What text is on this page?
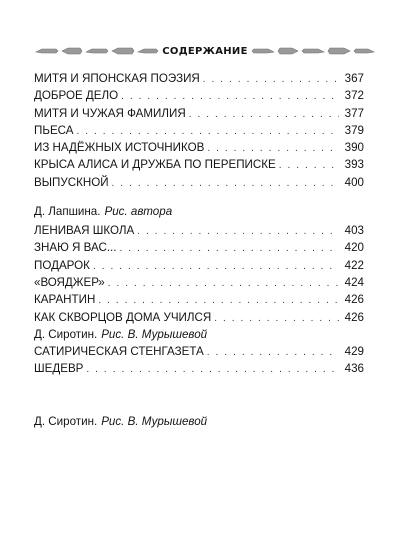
СОДЕРЖАНИЕ
МИТЯ И ЯПОНСКАЯ ПОЭЗИЯ . . .	367
ДОБРОЕ ДЕЛО . . .	372
МИТЯ И ЧУЖАЯ ФАМИЛИЯ . . .	377
ПЬЕСА . . .	379
ИЗ НАДЁЖНЫХ ИСТОЧНИКОВ . . .	390
КРЫСА АЛИСА И ДРУЖБА ПО ПЕРЕПИСКЕ . . .	393
ВЫПУСКНОЙ . . .	400
Д. Лапшина. Рис. автора
ЛЕНИВАЯ ШКОЛА . . .	403
ЗНАЮ Я ВАС... . . .	420
ПОДАРОК . . .	422
«ВОЯДЖЕР» . . .	424
КАРАНТИН . . .	426
КАК СКВОРЦОВ ДОМА УЧИЛСЯ . . .	426
Д. Сиротин. Рис. В. Мурышевой
САТИРИЧЕСКАЯ СТЕНГАЗЕТА . . .	429
ШЕДЕВР . . .	436
Д. Сиротин. Рис. В. Мурышевой
